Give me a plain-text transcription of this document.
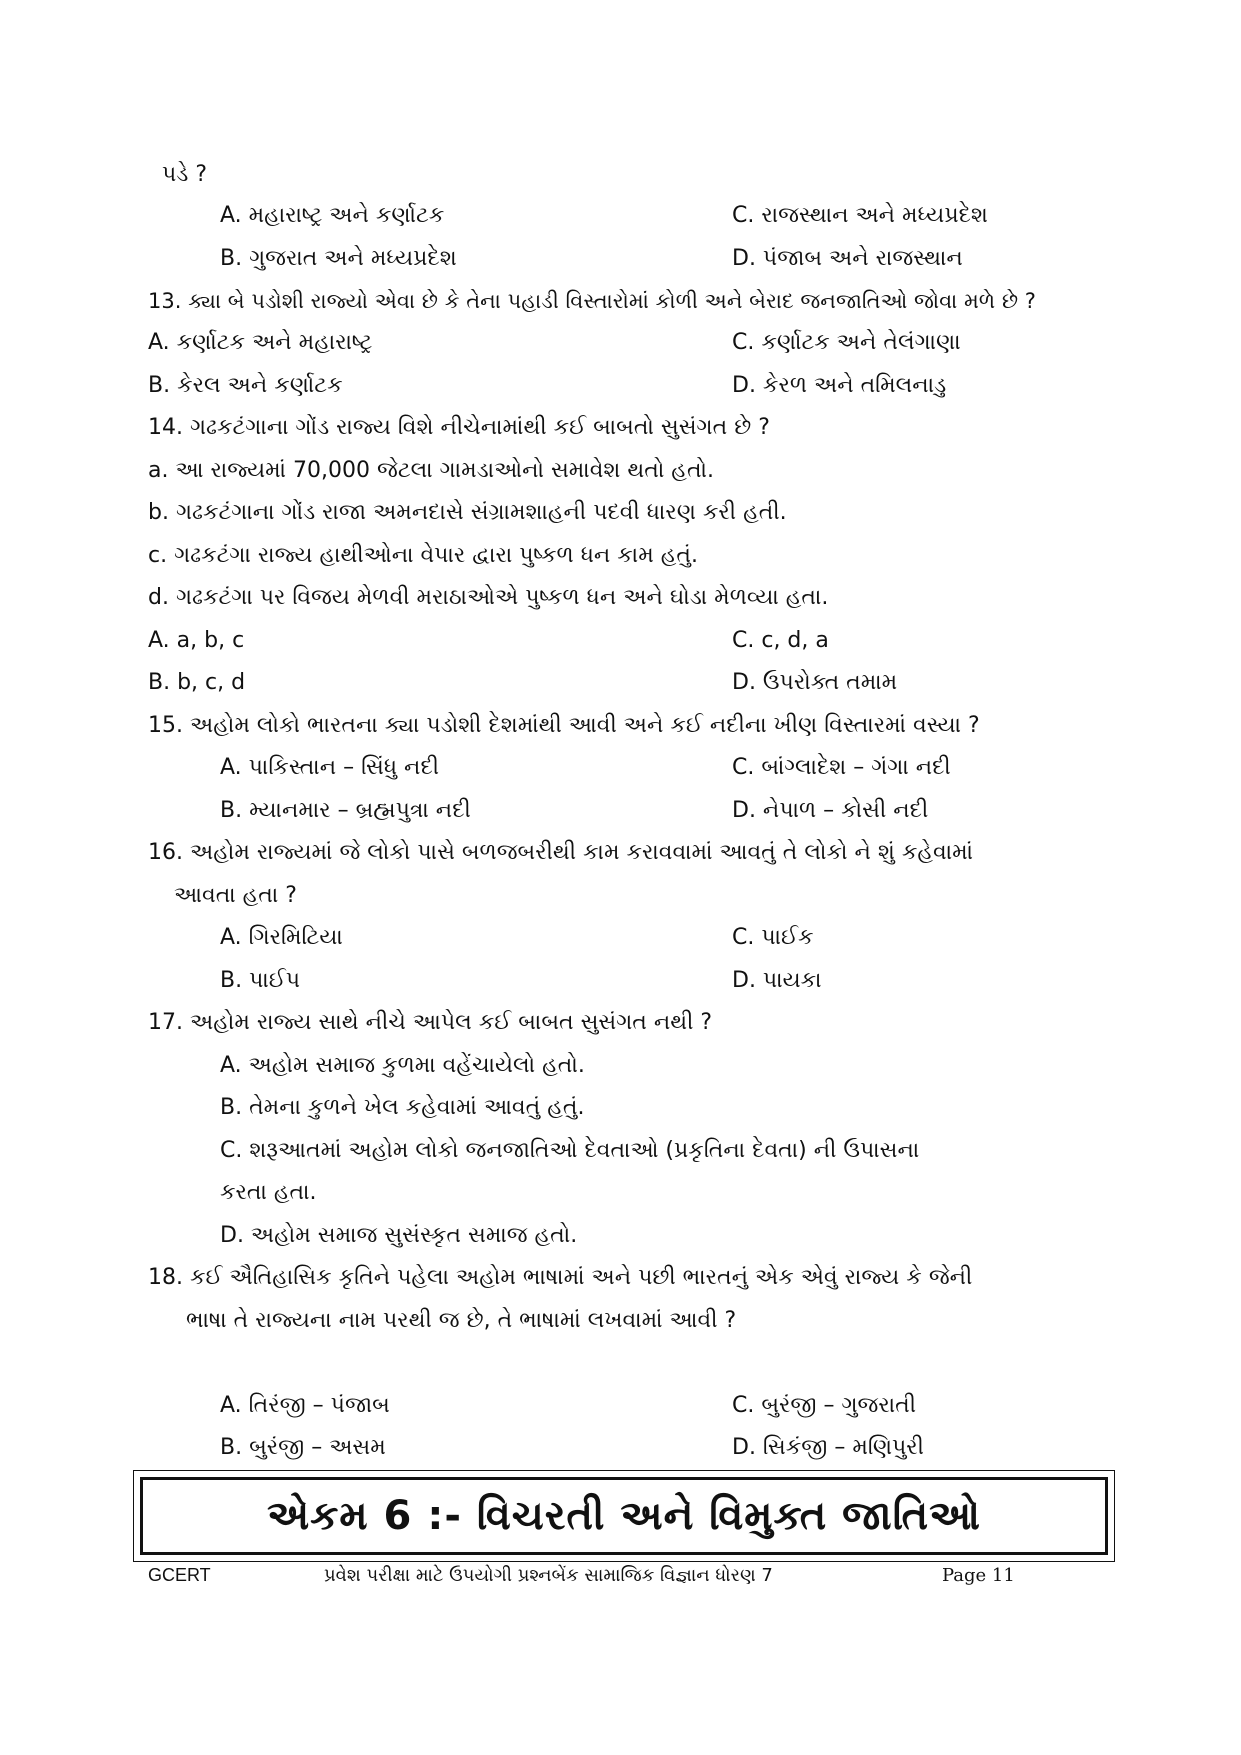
પડે ?
A. મહારાષ્ટ્ર અને કર્ણાટક	C. રાજસ્થાન અને મધ્યપ્રદેશ
B. ગુજરાત અને મધ્યપ્રદેશ	D. પંજાબ અને રાજસ્થાન
13. ક્યા બે પડોશી રાજ્યો એવા છે કે તેના પહાડી વિસ્તારોમાં કોળી અને બેરાદ જનજાતિઓ જોવા મળે છે ?
A. કર્ણાટક અને મહારાષ્ટ્ર	C. કર્ણાટક અને તેલંગાણા
B. કેરલ અને કર્ણાટક	D. કેરળ અને તમિલનાડુ
14. ગઢકટંગાના ગોંડ રાજ્ય વિશે નીચેનામાંથી કઈ બાબતો સુસંગત છે ?
a. આ રાજ્યમાં 70,000 જેટલા ગામડાઓનો સમાવેશ થતો હતો.
b. ગઢકટંગાના ગોંડ રાજા અમનદાસે સંગ્રામશાહની પદવી ધારણ કરી હતી.
c. ગઢકટંગા રાજ્ય હાથીઓના વેપાર દ્વારા પુષ્કળ ધન કામ હતું.
d. ગઢકટંગા પર વિજય મેળવી મરાઠાઓએ પુષ્કળ ધન અને ઘોડા મેળવ્યા હતા.
A. a, b, c	C. c, d, a
B. b, c, d	D. ઉપરોક્ત તમામ
15. અહોમ લોકો ભારતના ક્યા પડોશી દેશમાંથી આવી અને કઈ નદીના ખીણ વિસ્તારમાં વસ્યા ?
A. પાકિસ્તાન – સિંધુ નદી	C. બાંગ્લાદેશ – ગંગા નદી
B. મ્યાનમાર – બ્રહ્મપુત્રા નદી	D. નેપાળ – કોસી નદી
16. અહોમ રાજ્યમાં જે લોકો પાસે બળજબરીથી કામ કરાવવામાં આવતું તે લોકો ને શું કહેવામાં
આવતા હતા ?
A. ગિરમિટિયા	C. પાઈક
B. પાઈપ	D. પાયકા
17. અહોમ રાજ્ય સાથે નીચે આપેલ કઈ બાબત સુસંગત નથી ?
A. અહોમ સમાજ કુળમા વહેંચાયેલો હતો.
B. તેમના કુળને ખેલ કહેવામાં આવતું હતું.
C. શરૂઆતમાં અહોમ લોકો જનજાતિઓ દેવતાઓ (પ્રકૃતિના દેવતા) ની ઉપાસના
કરતા હતા.
D. અહોમ સમાજ સુસંસ્કૃત સમાજ હતો.
18. કઈ ઐતિહાસિક કૃતિને પહેલા અહોમ ભાષામાં અને પછી ભારતનું એક એવું રાજ્ય કે જેની
ભાષા તે રાજ્યના નામ પરથી જ છે, તે ભાષામાં લખવામાં આવી ?
A. તિરંજી – પંજાબ	C. બુરંજી – ગુજરાતી
B. બુરંજી – અસમ	D. સિકંજી – મણિપુરી
એકમ 6 :- વિચરતી અને વિમુક્ત જાતિઓ
GCERT	પ્રવેશ પરીક્ષા માટે ઉપયોગી પ્રશ્નબેંક સામાજિક વિજ્ઞાન ધોરણ 7	Page 11
